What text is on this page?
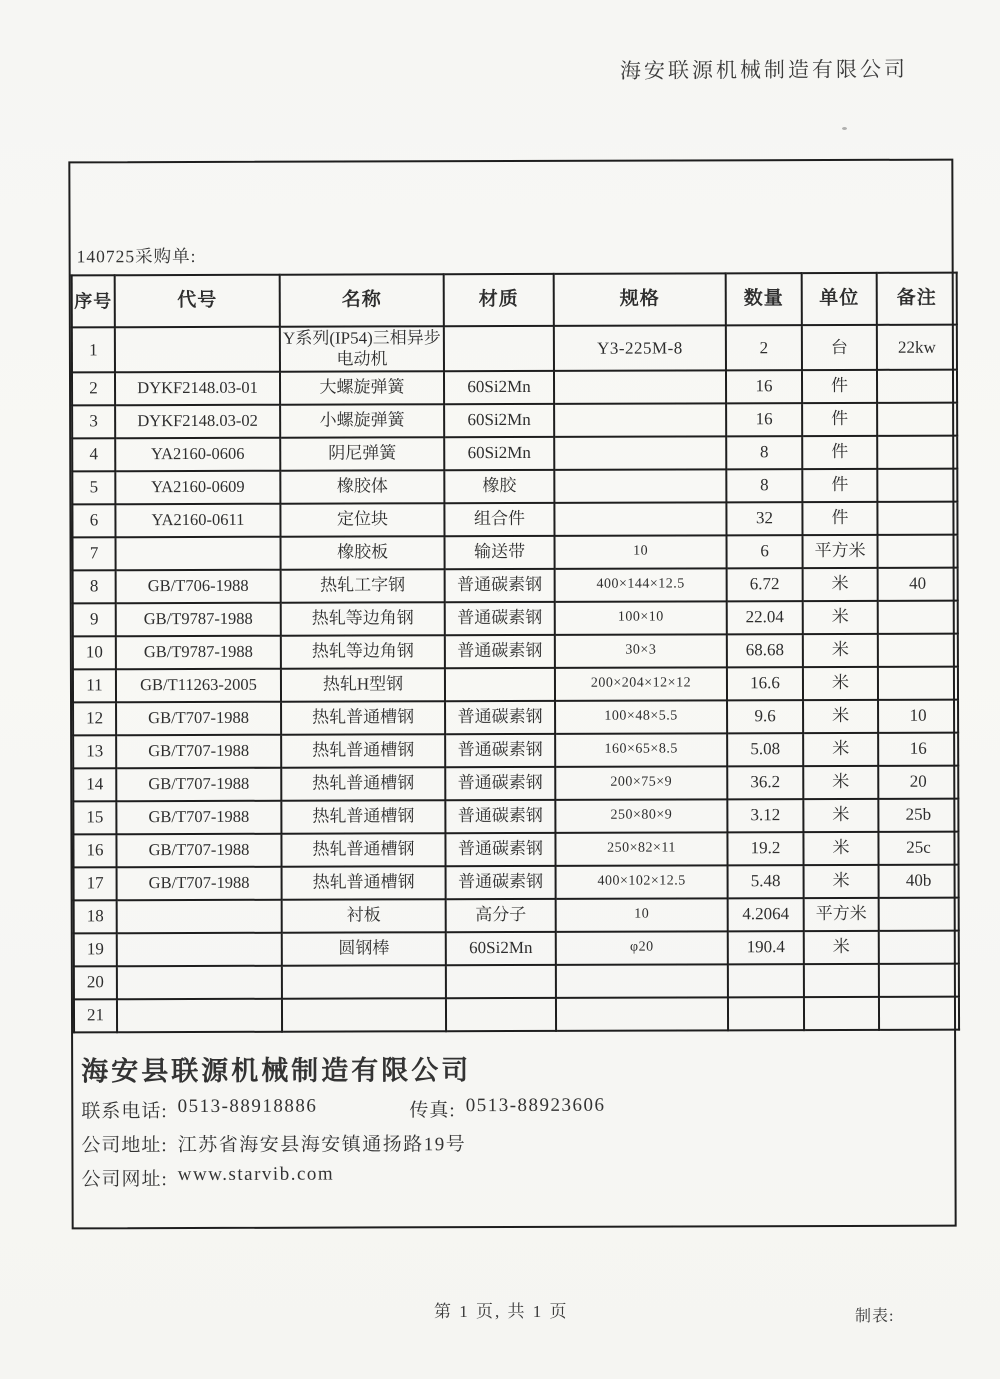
海安联源机械制造有限公司
140725采购单:
序号	代号	名称	材质	规格	数量	单位	备注
1		Y系列(IP54)三相异步电动机		Y3-225M-8	2	台	22kw
2	DYKF2148.03-01	大螺旋弹簧	60Si2Mn		16	件	
3	DYKF2148.03-02	小螺旋弹簧	60Si2Mn		16	件	
4	YA2160-0606	阴尼弹簧	60Si2Mn		8	件	
5	YA2160-0609	橡胶体	橡胶		8	件	
6	YA2160-0611	定位块	组合件		32	件	
7		橡胶板	输送带	10	6	平方米	
8	GB/T706-1988	热轧工字钢	普通碳素钢	400×144×12.5	6.72	米	40
9	GB/T9787-1988	热轧等边角钢	普通碳素钢	100×10	22.04	米	
10	GB/T9787-1988	热轧等边角钢	普通碳素钢	30×3	68.68	米	
11	GB/T11263-2005	热轧H型钢		200×204×12×12	16.6	米	
12	GB/T707-1988	热轧普通槽钢	普通碳素钢	100×48×5.5	9.6	米	10
13	GB/T707-1988	热轧普通槽钢	普通碳素钢	160×65×8.5	5.08	米	16
14	GB/T707-1988	热轧普通槽钢	普通碳素钢	200×75×9	36.2	米	20
15	GB/T707-1988	热轧普通槽钢	普通碳素钢	250×80×9	3.12	米	25b
16	GB/T707-1988	热轧普通槽钢	普通碳素钢	250×82×11	19.2	米	25c
17	GB/T707-1988	热轧普通槽钢	普通碳素钢	400×102×12.5	5.48	米	40b
18		衬板	高分子	10	4.2064	平方米	
19		圆钢棒	60Si2Mn	φ20	190.4	米	
20							
21							
海安县联源机械制造有限公司
联系电话: 0513-88918886	传真: 0513-88923606
公司地址: 江苏省海安县海安镇通扬路19号
公司网址: www.starvib.com
第 1 页, 共 1 页	制表:
